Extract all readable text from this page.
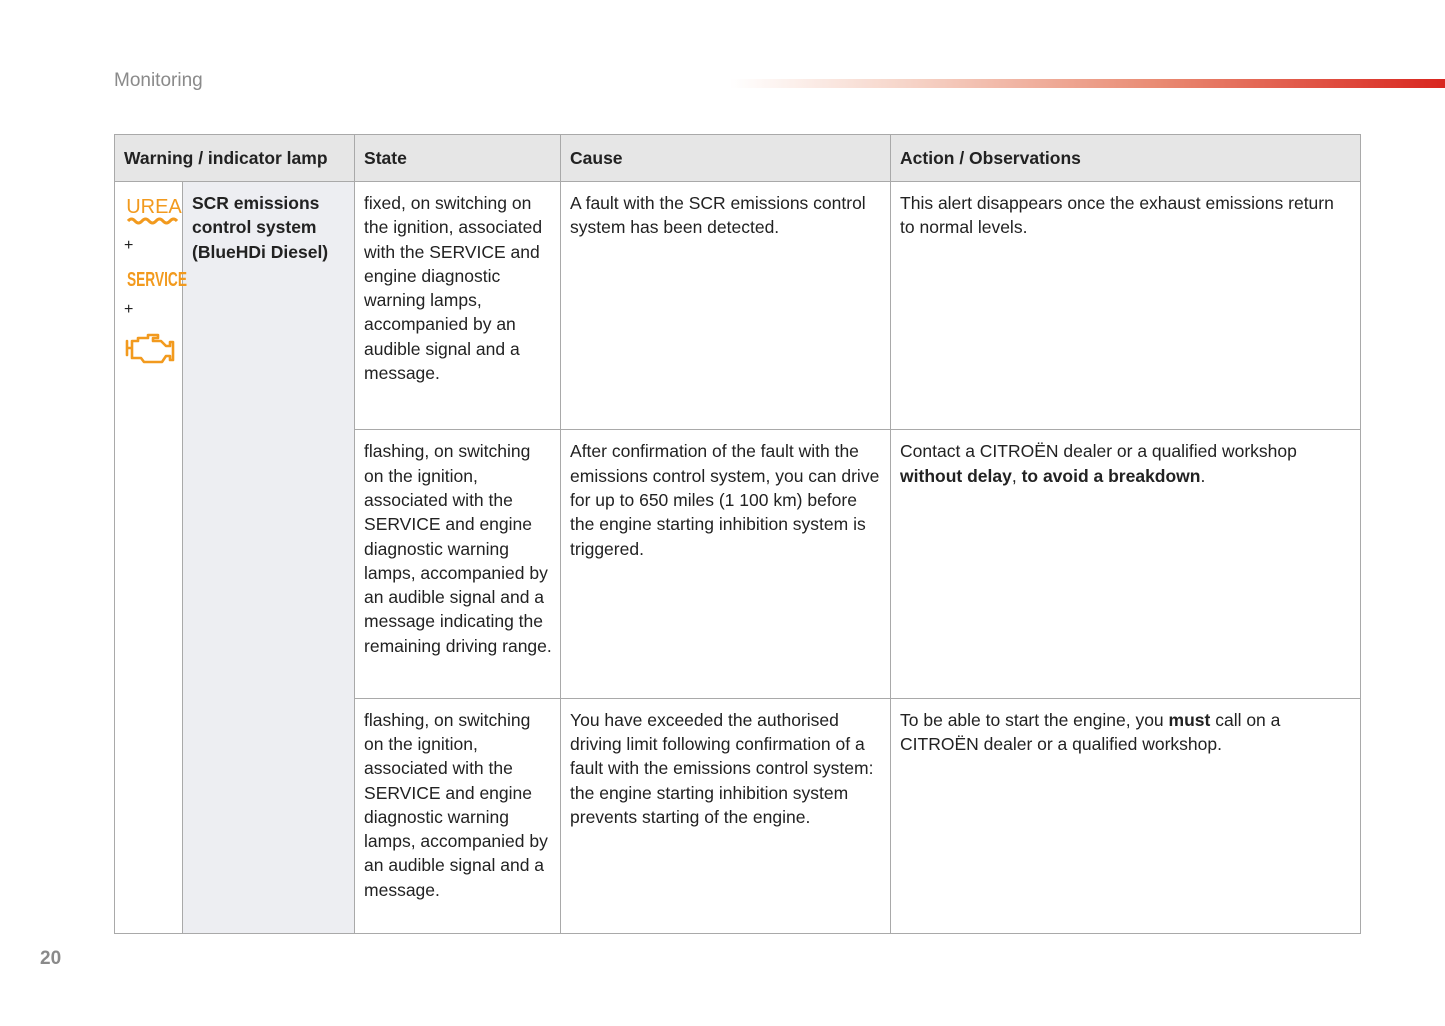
Monitoring
Warning / indicator lamp		State	Cause	Action / Observations

UREA
+
SERVICE
+	SCR emissions control system (BlueHDi Diesel)	fixed, on switching on the ignition, associated with the SERVICE and engine diagnostic warning lamps, accompanied by an audible signal and a message.	A fault with the SCR emissions control system has been detected.	This alert disappears once the exhaust emissions return to normal levels.
		flashing, on switching on the ignition, associated with the SERVICE and engine diagnostic warning lamps, accompanied by an audible signal and a message indicating the remaining driving range.	After confirmation of the fault with the emissions control system, you can drive for up to 650 miles (1 100 km) before the engine starting inhibition system is triggered.	Contact a CITROËN dealer or a qualified workshop without delay, to avoid a breakdown.
		flashing, on switching on the ignition, associated with the SERVICE and engine diagnostic warning lamps, accompanied by an audible signal and a message.	You have exceeded the authorised driving limit following confirmation of a fault with the emissions control system: the engine starting inhibition system prevents starting of the engine.	To be able to start the engine, you must call on a CITROËN dealer or a qualified workshop.
20
